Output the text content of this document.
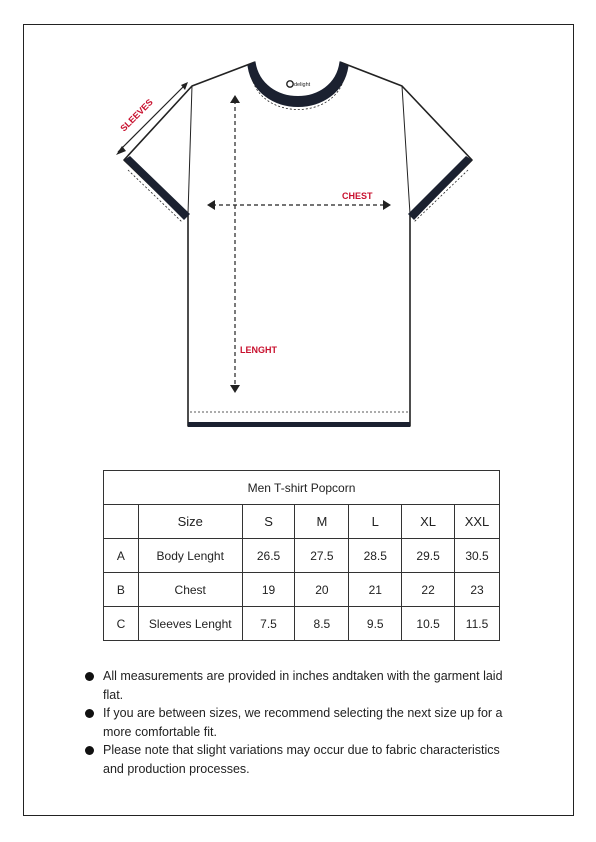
delight
SLEEVES
CHEST
LENGHT
Men T-shirt Popcorn						
	Size	S	M	L	XL	XXL
A	Body Lenght	26.5	27.5	28.5	29.5	30.5
B	Chest	19	20	21	22	23
C	Sleeves Lenght	7.5	8.5	9.5	10.5	11.5
All measurements are provided in inches andtaken with the garment laid flat.
If you are between sizes, we recommend selecting the next size up for a more comfortable fit.
Please note that slight variations may occur due to fabric characteristics and production processes.
